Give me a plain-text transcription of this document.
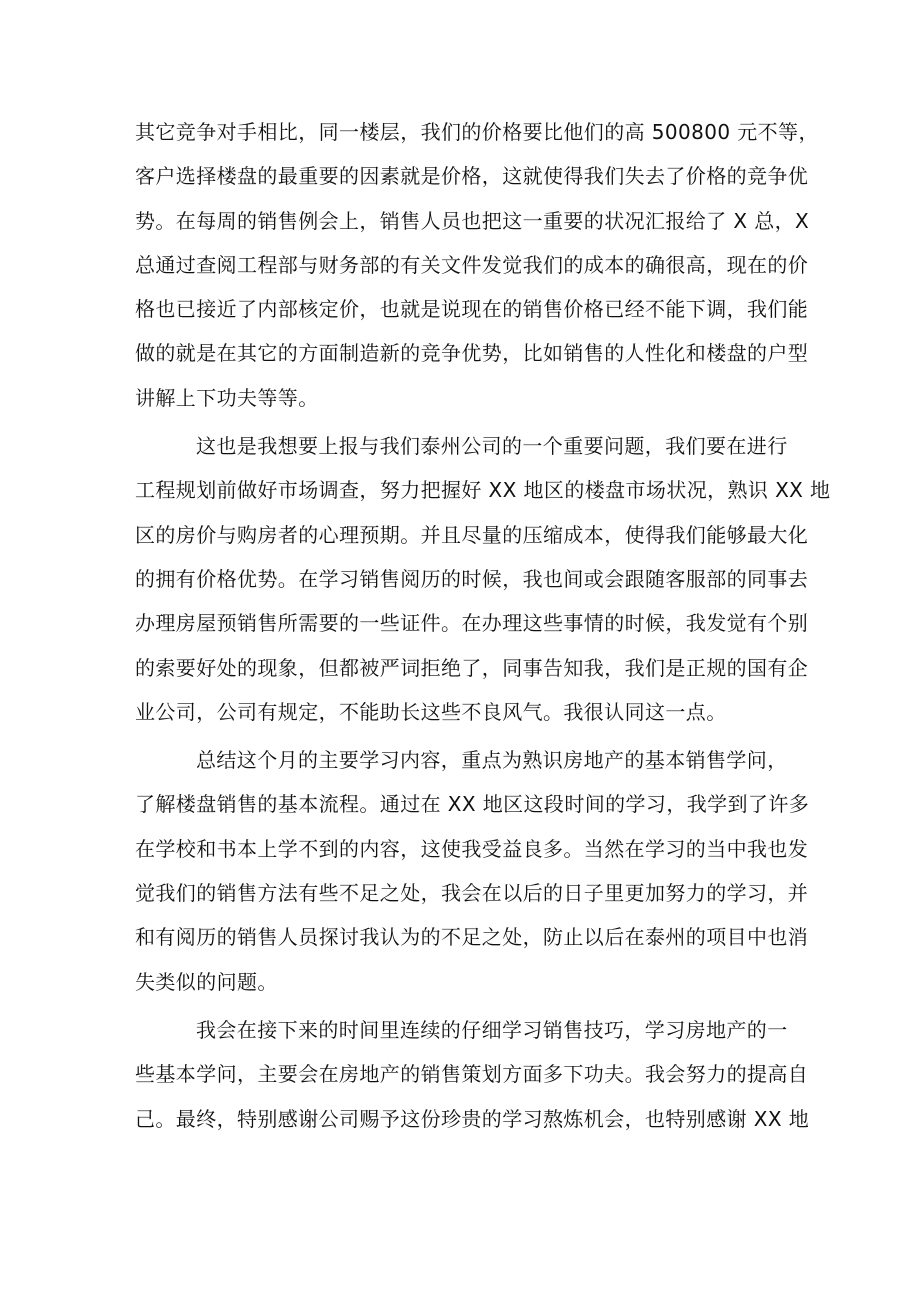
其它竞争对手相比，同一楼层，我们的价格要比他们的高 500800 元不等，
客户选择楼盘的最重要的因素就是价格，这就使得我们失去了价格的竞争优
势。在每周的销售例会上，销售人员也把这一重要的状况汇报给了 X 总，X
总通过查阅工程部与财务部的有关文件发觉我们的成本的确很高，现在的价
格也已接近了内部核定价，也就是说现在的销售价格已经不能下调，我们能
做的就是在其它的方面制造新的竞争优势，比如销售的人性化和楼盘的户型
讲解上下功夫等等。
这也是我想要上报与我们泰州公司的一个重要问题，我们要在进行
工程规划前做好市场调查，努力把握好 XX 地区的楼盘市场状况，熟识 XX 地
区的房价与购房者的心理预期。并且尽量的压缩成本，使得我们能够最大化
的拥有价格优势。在学习销售阅历的时候，我也间或会跟随客服部的同事去
办理房屋预销售所需要的一些证件。在办理这些事情的时候，我发觉有个别
的索要好处的现象，但都被严词拒绝了，同事告知我，我们是正规的国有企
业公司，公司有规定，不能助长这些不良风气。我很认同这一点。
总结这个月的主要学习内容，重点为熟识房地产的基本销售学问，
了解楼盘销售的基本流程。通过在 XX 地区这段时间的学习，我学到了许多
在学校和书本上学不到的内容，这使我受益良多。当然在学习的当中我也发
觉我们的销售方法有些不足之处，我会在以后的日子里更加努力的学习，并
和有阅历的销售人员探讨我认为的不足之处，防止以后在泰州的项目中也消
失类似的问题。
我会在接下来的时间里连续的仔细学习销售技巧，学习房地产的一
些基本学问，主要会在房地产的销售策划方面多下功夫。我会努力的提高自
己。最终，特别感谢公司赐予这份珍贵的学习熬炼机会，也特别感谢 XX 地
